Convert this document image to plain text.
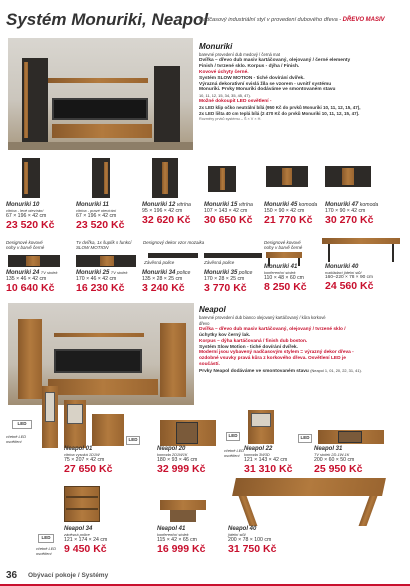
Systém Monuriki, Neapol
Nadčasový industriální styl v provedení dubového dřeva - DŘEVO MASIV
Monuriki
barevné provedení dub medový / černá mat
Dvířka – dřevo dub masiv kartáčovaný, olejovaný / černé elementy
Finish / tvrzené sklo. Korpus - dýha / Finish.
Kovové úchyty černé.
Systém SLOW MOTION - tiché dovírání dvířek.
Výrazná dekorativní svislá žíla se vzorem - uvnitř systému
Monuriki. Prvky Monuriki dodáváme ve smontovaném stavu
10, 11, 12, 15, 34, 35, 45, 47).
Možné dokoupit LED osvětlení -
2x LED klip očko neutrální bílá (950 Kč do prvků Monuriki 10, 11, 12, 15, 47),
2x LED lišta 40 cm teplá bílá (2 470 Kč do prvků Monuriki 10, 11, 12, 15, 47).
Rozměry prvků systému – Š × V × H.
Monuriki 10
vitrína - levé otevírání
67 × 196 × 42 cm
23 520 Kč
Monuriki 11
vitrína - pravé otevírání
67 × 196 × 42 cm
23 520 Kč
Monuriki 12 vitrína
95 × 196 × 42 cm
32 620 Kč
Monuriki 15 vitrína
107 × 143 × 42 cm
30 650 Kč
Monuriki 45 komoda
150 × 90 × 42 cm
21 770 Kč
Monuriki 47 komoda
170 × 90 × 42 cm
30 270 Kč
Designové kovové nohy v barvě černé
Tv dvířka, 1x šuplík s funkcí SLOW MOTION
Designový dekor vzor mozaika
Závěsná police	Závěsná police
Designové kovové nohy v barvě černé
Monuriki 24 TV stolek
135 × 46 × 42 cm
10 640 Kč
Monuriki 25 TV stolek
170 × 46 × 42 cm
16 230 Kč
Monuriki 34 police
135 × 28 × 25 cm
3 240 Kč
Monuriki 35 police
170 × 28 × 25 cm
3 770 Kč
Monuriki 41
konferenční stolek
110 × 48 × 60 cm
8 250 Kč
Monuriki 40
rozkládací jídelní stůl
160–220 × 78 × 90 cm
24 560 Kč
Neapol
barevné provedení dub bianco olejovaný kartáčovaný / kůra korkové
dřevo
Dvířka – dřevo dub masiv kartáčovaný, olejovaný / tvrzené sklo /
úchytky kov černý lak.
Korpus – dýha kartáčovaná / finish dub boston.
Systém Slow Motion - tiché dovírání dvířek.
Moderní jsou vybavený nadčasovým stylem = výrazný dekor dřeva -
ozdobné vsuvky pravá kůra z korkového dřeva. Osvětlení LED je
součástí.
Prvky Neapol dodáváme ve smontovaném stavu (Neapol 1, 01, 20, 22, 31, 41).
LED
včetně LED osvětlení	LED
LED
včetně LED osvětlení
LED
Neapol 01
vitrína vysoká 1D1W
75 × 207 × 42 cm
27 650 Kč
Neapol 20
komoda 2D1W1K
180 × 93 × 46 cm
32 999 Kč
Neapol 22
komoda 3W3D
121 × 143 × 42 cm
31 310 Kč
Neapol 31
TV stolek 2D-1W-1K
200 × 60 × 50 cm
25 950 Kč
LED
včetně LED osvětlení
Neapol 34
závěsná police
121 × 174 × 24 cm
9 450 Kč
Neapol 41
konferenční stolek
115 × 42 × 65 cm
16 999 Kč
Neapol 40
jídelní stůl
200 × 78 × 100 cm
31 750 Kč
36 Obývací pokoje / Systémy
